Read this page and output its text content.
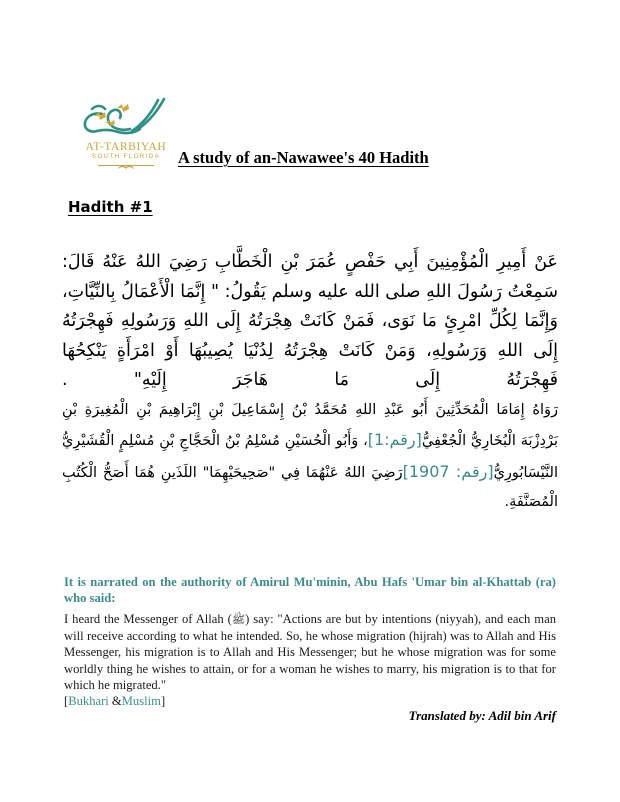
AT-TARBIYAH
SOUTH FLORIDA	A study of an-Nawawee's 40 Hadith
Hadith #1

عَنْ أَمِيرِ الْمُؤْمِنِينَ أَبِي حَفْصٍ عُمَرَ بْنِ الْخَطَّابِ رَضِيَ اللهُ عَنْهُ قَالَ: سَمِعْتُ رَسُولَ اللهِ صلى الله عليه وسلم يَقُولُ: " إِنَّمَا الْأَعْمَالُ بِالنِّيَّاتِ، وَإِنَّمَا لِكُلِّ امْرِئٍ مَا نَوَى، فَمَنْ كَانَتْ هِجْرَتُهُ إِلَى اللهِ وَرَسُولِهِ فَهِجْرَتُهُ إِلَى اللهِ وَرَسُولِهِ، وَمَنْ كَانَتْ هِجْرَتُهُ لِدُنْيَا يُصِيبُهَا أَوْ امْرَأَةٍ يَنْكِحُهَا فَهِجْرَتُهُ إِلَى مَا هَاجَرَ إِلَيْهِ" .

رَوَاهُ إِمَامَا الْمُحَدِّثِينَ أَبُو عَبْدِ اللهِ مُحَمَّدُ بْنُ إِسْمَاعِيلَ بْنِ إِبْرَاهِيمَ بْنِ الْمُغِيرَةِ بْنِ بَرْدِزْبَهَ الْبُخَارِيُّ الْجُعْفِيُّ[رقم:1]، وَأَبُو الْحُسَيْنِ مُسْلِمُ بْنُ الْحَجَّاجِ بْنِ مُسْلِمٍ الْقُشَيْرِيُّ النَّيْسَابُورِيُّ[رقم: 1907]رَضِيَ اللهُ عَنْهُمَا فِي "صَحِيحَيْهِمَا" اللَذَينِ هُمَا أَصَحُّ الْكُتُبِ الْمُصَنَّفَةِ.

It is narrated on the authority of Amirul Mu'minin, Abu Hafs 'Umar bin al-Khattab (ra) who said:

I heard the Messenger of Allah (ﷺ) say: "Actions are but by intentions (niyyah), and each man will receive according to what he intended. So, he whose migration (hijrah) was to Allah and His Messenger, his migration is to Allah and His Messenger; but he whose migration was for some worldly thing he wishes to attain, or for a woman he wishes to marry, his migration is to that for which he migrated."

[Bukhari &Muslim]

Translated by: Adil bin Arif
